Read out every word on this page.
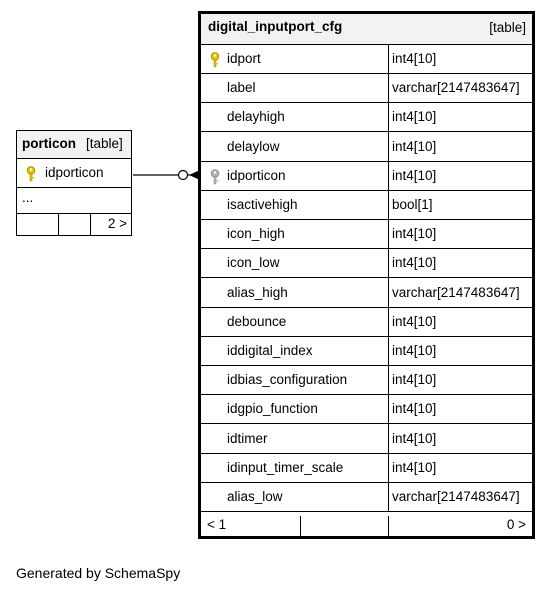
porticon [table]
idporticon
...
2 >
digital_inputport_cfg	[table]
idport	int4[10]
label	varchar[2147483647]
delayhigh	int4[10]
delaylow	int4[10]
idporticon	int4[10]
isactivehigh	bool[1]
icon_high	int4[10]
icon_low	int4[10]
alias_high	varchar[2147483647]
debounce	int4[10]
iddigital_index	int4[10]
idbias_configuration	int4[10]
idgpio_function	int4[10]
idtimer	int4[10]
idinput_timer_scale	int4[10]
alias_low	varchar[2147483647]
< 1	0 >
Generated by SchemaSpy
